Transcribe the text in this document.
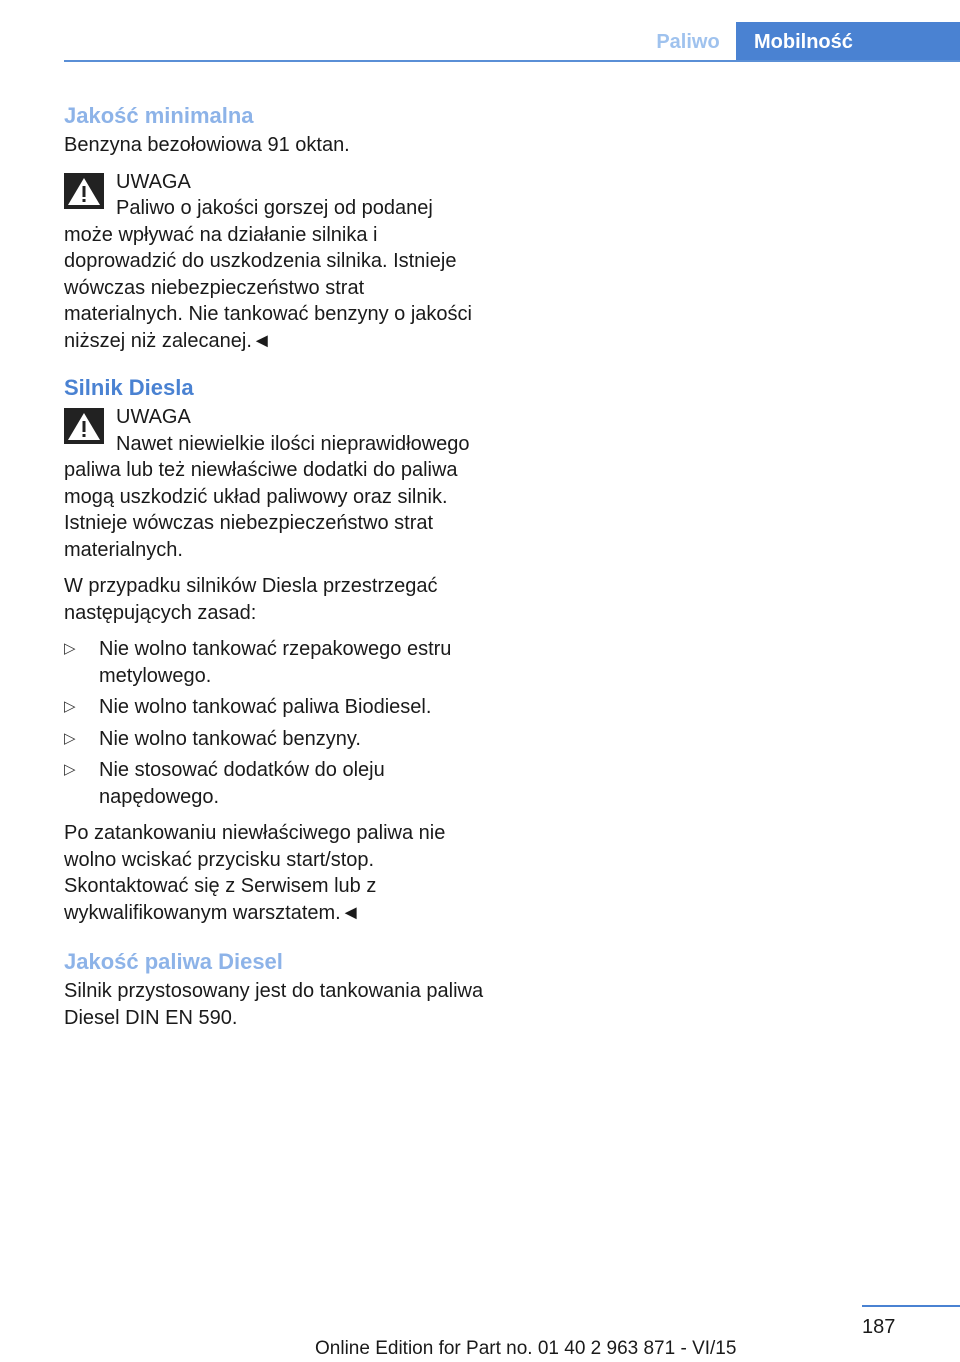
Paliwo	Mobilność
Jakość minimalna

Benzyna bezołowiowa 91 oktan.

UWAGA
Paliwo o jakości gorszej od podanej może wpływać na działanie silnika i doprowadzić do uszkodzenia silnika. Istnieje wówczas niebezpieczeństwo strat materialnych. Nie tankować benzyny o jakości niższej niż zalecanej.◄
Silnik Diesla
UWAGA
Nawet niewielkie ilości nieprawidłowego paliwa lub też niewłaściwe dodatki do paliwa mogą uszkodzić układ paliwowy oraz silnik. Istnieje wówczas niebezpieczeństwo strat materialnych.

W przypadku silników Diesla przestrzegać następujących zasad:

▷ Nie wolno tankować rzepakowego estru metylowego.
▷ Nie wolno tankować paliwa Biodiesel.
▷ Nie wolno tankować benzyny.
▷ Nie stosować dodatków do oleju napędowego.

Po zatankowaniu niewłaściwego paliwa nie wolno wciskać przycisku start/stop. Skontaktować się z Serwisem lub z wykwalifikowanym warsztatem.◄

Jakość paliwa Diesel

Silnik przystosowany jest do tankowania paliwa Diesel DIN EN 590.

187
Online Edition for Part no. 01 40 2 963 871 - VI/15
